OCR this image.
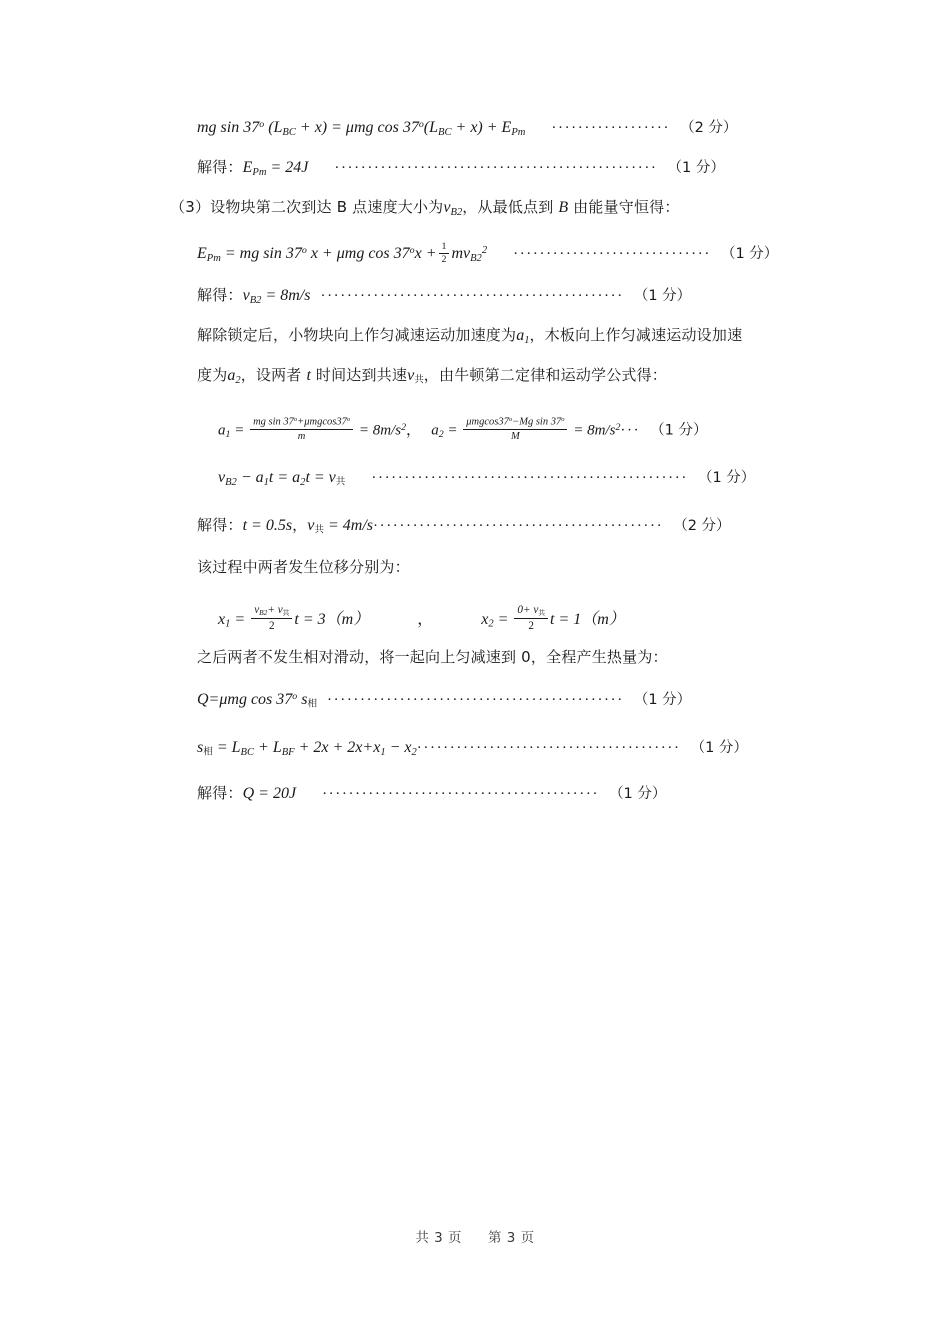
mg sin 37$^o$ $(L_{BC} + x) = \mu mg$ $\cos 37^o(L_{BC} + x) + E_{Pm}$ ·················· （2 分）
解得：$E_{Pm} = 24J$ ················································· （1 分）
（3）设物块第二次到达 B 点速度大小为$v_{B2}$，从最低点到 B 由能量守恒得：
$E_{Pm}$ = mg sin 37$^o$ x + μmg $\cos 37^ox + \frac{1}{2} mv_{B2}^2$ ······························ （1 分）
解得：$v_{B2} = 8m/s$ ·············································· （1 分）
解除锁定后，小物块向上作匀减速运动加速度为$a_1$，木板向上作匀减速运动设加速
度为$a_2$，设两者 t 时间达到共速$v_共$，由牛顿第二定律和运动学公式得：
$a_1 = \frac{mg \sin 37^o+\mu mgcos37^o}{m} = 8m/s^2$， $a_2 = \frac{\mu mgcos37^o-Mg \sin 37^o}{M} = 8m/s^2\cdot\cdot\cdot (1$ 分）
$v_{B2} - a_1t = a_2t = v_共$ ················································ （1 分）
解得：t = 0.5s，$v_共 = 4m/s\cdot\cdot\cdot\cdot\cdot\cdot\cdot\cdot\cdot\cdot\cdot\cdot\cdot\cdot\cdot\cdot\cdot\cdot\cdot\cdot\cdot\cdot\cdot\cdot\cdot\cdot\cdot\cdot\cdot\cdot\cdot\cdot\cdot\cdot\cdot\cdot\cdot\cdot\cdot\cdot\cdot\cdot\cdot\cdot (2$ 分）
该过程中两者发生位移分别为：
$x_1 = \frac{v_{B2}+ v_共}{2}$ t = 3（m）	，	$x_2 = \frac{0+ v_共}{2}$ t = 1（m）
之后两者不发生相对滑动，将一起向上匀减速到 0，全程产生热量为：
Q=μmg cos 37$^o$ $s_相$ ············································· （1 分）
$s_相 = L_{BC} + L_{BF} + 2x + 2x+x_1 - x_2\cdot\cdot\cdot\cdot\cdot\cdot\cdot\cdot\cdot\cdot\cdot\cdot\cdot\cdot\cdot\cdot\cdot\cdot\cdot\cdot\cdot\cdot\cdot\cdot\cdot\cdot\cdot\cdot\cdot\cdot\cdot\cdot\cdot\cdot\cdot\cdot\cdot\cdot\cdot\cdot (1$ 分）
解得：Q = 20J ·········································· （1 分）
共 3 页 第 3 页
